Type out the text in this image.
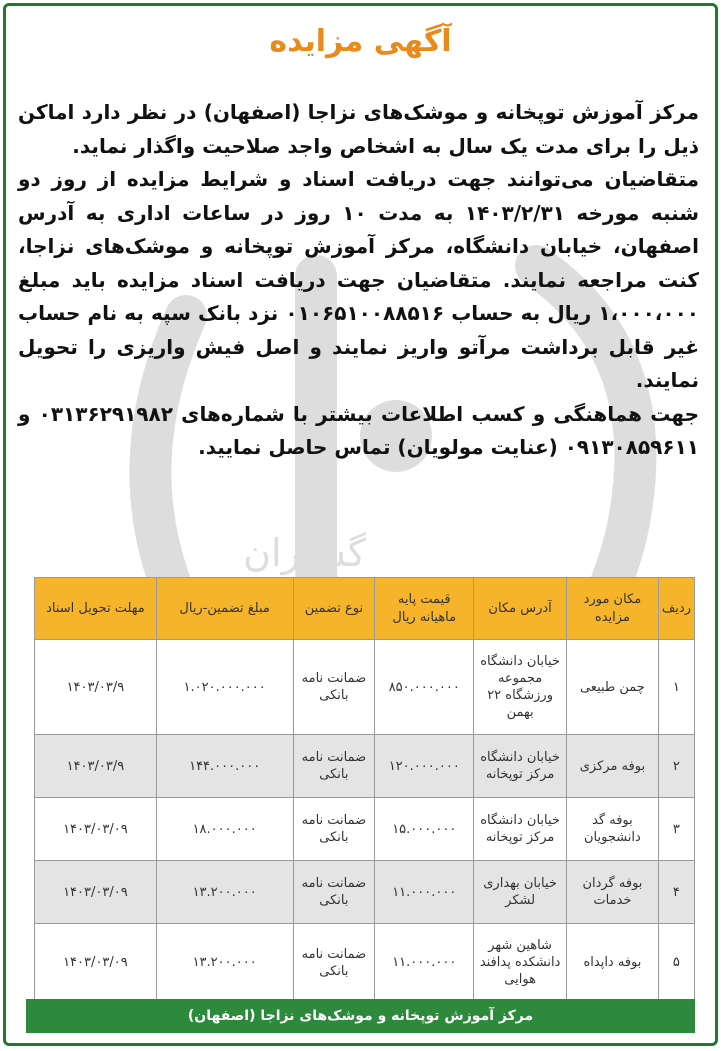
گستران
آگهی مزایده

مرکز آموزش توپخانه و موشک‌های نزاجا (اصفهان) در نظر دارد اماکن ذیل را برای مدت یک سال به اشخاص واجد صلاحیت واگذار نماید.

متقاضیان می‌توانند جهت دریافت اسناد و شرایط مزایده از روز دو شنبه مورخه ۱۴۰۳/۲/۳۱ به مدت ۱۰ روز در ساعات اداری به آدرس اصفهان، خیابان دانشگاه، مرکز آموزش توپخانه و موشک‌های نزاجا، کنت مراجعه نمایند. متقاضیان جهت دریافت اسناد مزایده باید مبلغ ۱،۰۰۰،۰۰۰ ریال به حساب ۰۱۰۶۵۱۰۰۸۸۵۱۶ نزد بانک سپه به نام حساب غیر قابل برداشت مرآتو واریز نمایند و اصل فیش واریزی را تحویل نمایند.

جهت هماهنگی و کسب اطلاعات بیشتر با شماره‌های ۰۳۱۳۶۲۹۱۹۸۲ و ۰۹۱۳۰۸۵۹۶۱۱ (عنایت مولویان) تماس حاصل نمایید.

ردیف	مکان مورد مزایده	آدرس مکان	قیمت پایه ماهیانه ریال	نوع تضمین	مبلغ تضمین-ریال	مهلت تحویل اسناد
۱	چمن طبیعی	خیابان دانشگاه مجموعه ورزشگاه ۲۲ بهمن	۸۵۰.۰۰۰.۰۰۰	ضمانت نامه بانکی	۱.۰۲۰.۰۰۰.۰۰۰	۱۴۰۳/۰۳/۹
۲	بوفه مرکزی	خیابان دانشگاه مرکز توپخانه	۱۲۰.۰۰۰.۰۰۰	ضمانت نامه بانکی	۱۴۴.۰۰۰.۰۰۰	۱۴۰۳/۰۳/۹
۳	بوفه گد دانشجویان	خیابان دانشگاه مرکز توپخانه	۱۵.۰۰۰.۰۰۰	ضمانت نامه بانکی	۱۸.۰۰۰.۰۰۰	۱۴۰۳/۰۳/۰۹
۴	بوفه گردان خدمات	خیابان بهداری لشکر	۱۱.۰۰۰.۰۰۰	ضمانت نامه بانکی	۱۳.۲۰۰.۰۰۰	۱۴۰۳/۰۳/۰۹
۵	بوفه داپداه	شاهین شهر دانشکده پدافند هوایی	۱۱.۰۰۰.۰۰۰	ضمانت نامه بانکی	۱۳.۲۰۰.۰۰۰	۱۴۰۳/۰۳/۰۹
مرکز آموزش توپخانه و موشک‌های نزاجا (اصفهان)
